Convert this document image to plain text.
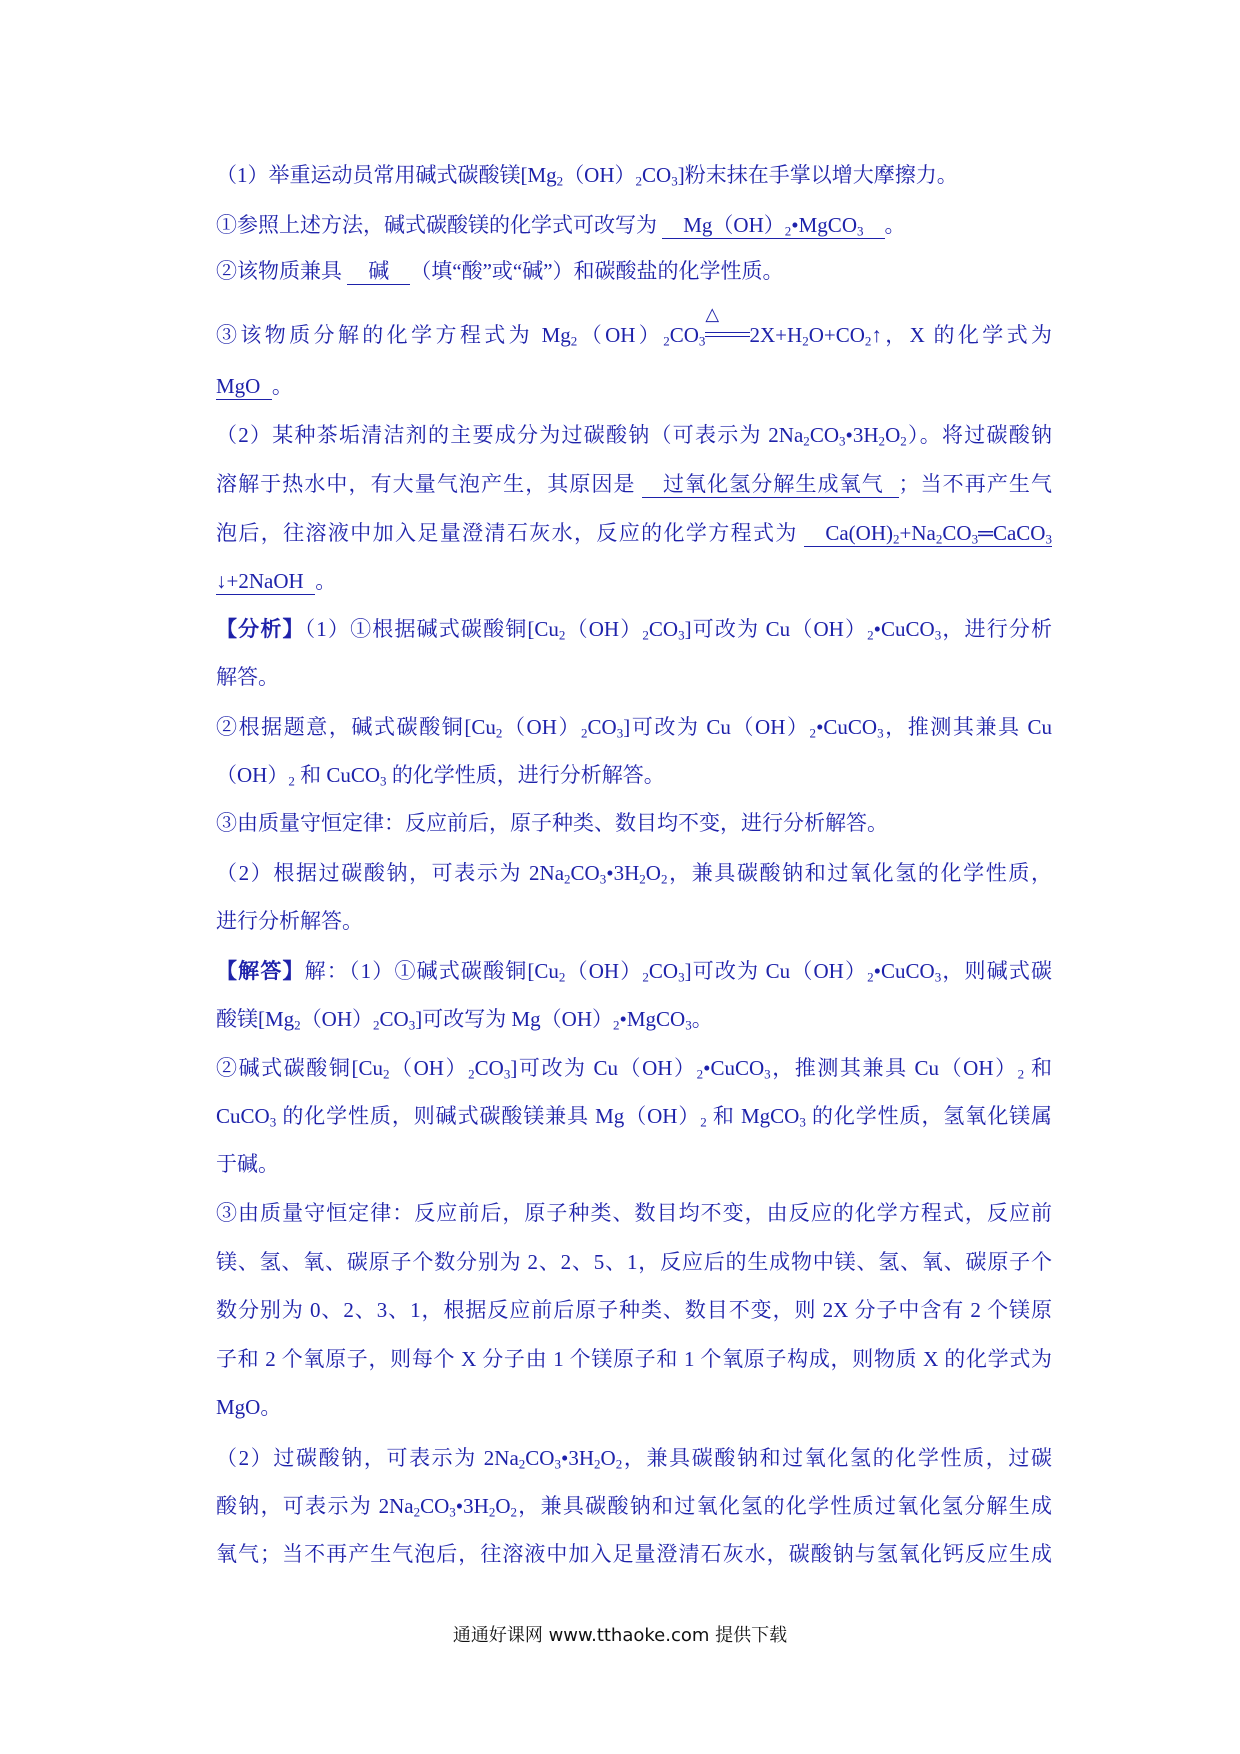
通通好课网 www.tthaoke.com 提供下载
（1）举重运动员常用碱式碳酸镁$[Mg_2(OH)_2CO_3]$粉末抹在手掌以增大摩擦力。
①参照上述方法，碱式碳酸镁的化学式可改写为 $Mg(OH)_2•MgCO_3$ 。
②该物质兼具 碱 （填“酸”或“碱”）和碳酸盐的化学性质。
③该物质分解的化学方程式为 $Mg_2(OH)_2CO_3$
△
$2X+H_2O+CO_2↑$，X 的化学式为
MgO 。
（2）某种茶垢清洁剂的主要成分为过碳酸钠（可表示为 $2Na_2CO_3•3H_2O_2$）。将过碳酸钠
溶解于热水中，有大量气泡产生，其原因是 过氧化氢分解生成氧气 ；当不再产生气
泡后，往溶液中加入足量澄清石灰水，反应的化学方程式为 $Ca(OH)_2+Na_2CO_3═CaCO_3$
↓+2NaOH 。
【分析】（1）①根据碱式碳酸铜$[Cu_2(OH)_2CO_3]$可改为 $Cu(OH)_2•CuCO_3$，进行分析
解答。
②根据题意，碱式碳酸铜$[Cu_2(OH)_2CO_3]$可改为 $Cu(OH)_2•CuCO_3$，推测其兼具 Cu
$(OH)_2$ 和 CuCO$_3$ 的化学性质，进行分析解答。
③由质量守恒定律：反应前后，原子种类、数目均不变，进行分析解答。
（2）根据过碳酸钠，可表示为 $2Na_2CO_3•3H_2O_2$，兼具碳酸钠和过氧化氢的化学性质，
进行分析解答。
【解答】解：（1）①碱式碳酸铜$[Cu_2(OH)_2CO_3]$可改为 $Cu(OH)_2•CuCO_3$，则碱式碳
酸镁$[Mg_2(OH)_2CO_3]$可改写为 $Mg(OH)_2•MgCO_3$。
②碱式碳酸铜$[Cu_2(OH)_2CO_3]$可改为 $Cu(OH)_2•CuCO_3$，推测其兼具 $Cu(OH)_2$ 和
CuCO$_3$ 的化学性质，则碱式碳酸镁兼具 $Mg(OH)_2$ 和 MgCO$_3$ 的化学性质，氢氧化镁属
于碱。
③由质量守恒定律：反应前后，原子种类、数目均不变，由反应的化学方程式，反应前
镁、氢、氧、碳原子个数分别为 2、2、5、1，反应后的生成物中镁、氢、氧、碳原子个
数分别为 0、2、3、1，根据反应前后原子种类、数目不变，则 2X 分子中含有 2 个镁原
子和 2 个氧原子，则每个 X 分子由 1 个镁原子和 1 个氧原子构成，则物质 X 的化学式为
MgO。
（2）过碳酸钠，可表示为 $2Na_2CO_3•3H_2O_2$，兼具碳酸钠和过氧化氢的化学性质，过碳
酸钠，可表示为 $2Na_2CO_3•3H_2O_2$，兼具碳酸钠和过氧化氢的化学性质过氧化氢分解生成
氧气；当不再产生气泡后，往溶液中加入足量澄清石灰水，碳酸钠与氢氧化钙反应生成
